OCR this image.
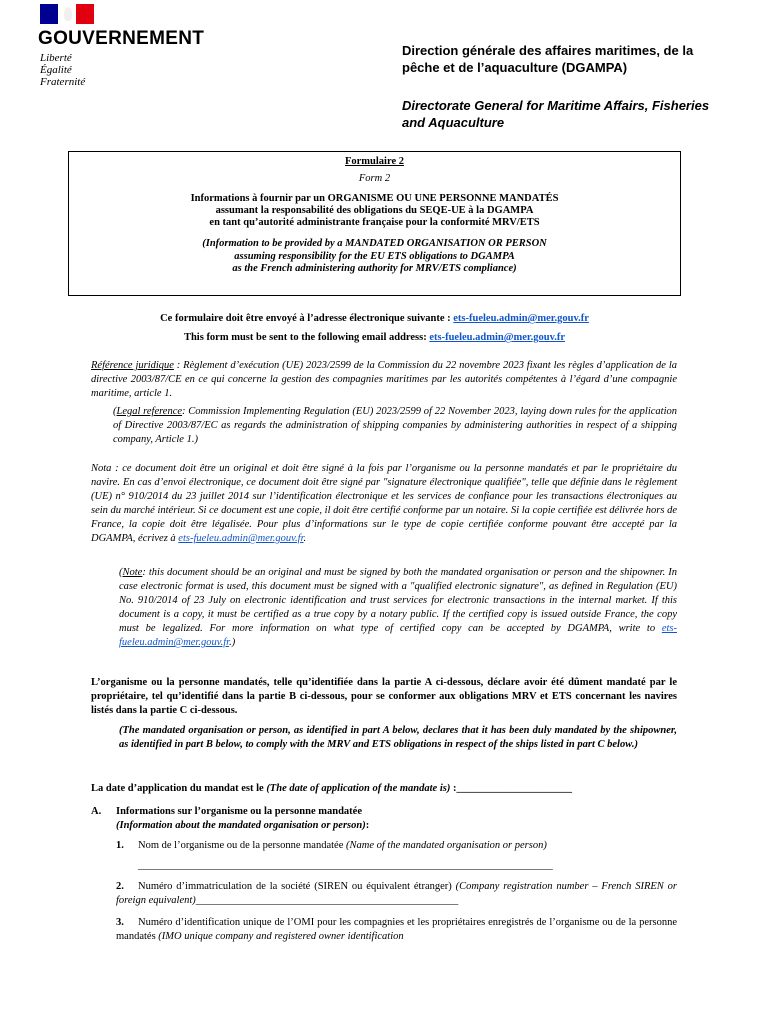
GOUVERNEMENT
Liberté
Égalité
Fraternité
Direction générale des affaires maritimes, de la pêche et de l’aquaculture (DGAMPA)
Directorate General for Maritime Affairs, Fisheries and Aquaculture
Formulaire 2
Form 2
Informations à fournir par un ORGANISME OU UNE PERSONNE MANDATÉS
assumant la responsabilité des obligations du SEQE-UE à la DGAMPA
en tant qu’autorité administrante française pour la conformité MRV/ETS
(Information to be provided by a MANDATED ORGANISATION OR PERSON
assuming responsibility for the EU ETS obligations to DGAMPA
as the French administering authority for MRV/ETS compliance)
Ce formulaire doit être envoyé à l’adresse électronique suivante : ets-fueleu.admin@mer.gouv.fr
This form must be sent to the following email address: ets-fueleu.admin@mer.gouv.fr
Référence juridique : Règlement d’exécution (UE) 2023/2599 de la Commission du 22 novembre 2023 fixant les règles d’application de la directive 2003/87/CE en ce qui concerne la gestion des compagnies maritimes par les autorités compétentes à l’égard d’une compagnie maritime, article 1.
(Legal reference: Commission Implementing Regulation (EU) 2023/2599 of 22 November 2023, laying down rules for the application of Directive 2003/87/EC as regards the administration of shipping companies by administering authorities in respect of a shipping company, Article 1.)
Nota : ce document doit être un original et doit être signé à la fois par l’organisme ou la personne mandatés et par le propriétaire du navire. En cas d’envoi électronique, ce document doit être signé par "signature électronique qualifiée", telle que définie dans le règlement (UE) n° 910/2014 du 23 juillet 2014 sur l’identification électronique et les services de confiance pour les transactions électroniques au sein du marché intérieur. Si ce document est une copie, il doit être certifié conforme par un notaire. Si la copie certifiée est délivrée hors de France, la copie doit être légalisée. Pour plus d’informations sur le type de copie certifiée conforme pouvant être accepté par la DGAMPA, écrivez à ets-fueleu.admin@mer.gouv.fr.
(Note: this document should be an original and must be signed by both the mandated organisation or person and the shipowner. In case electronic format is used, this document must be signed with a "qualified electronic signature", as defined in Regulation (EU) No. 910/2014 of 23 July on electronic identification and trust services for electronic transactions in the internal market. If this document is a copy, it must be certified as a true copy by a notary public. If the certified copy is issued outside France, the copy must be legalized. For more information on what type of certified copy can be accepted by DGAMPA, write to ets-fueleu.admin@mer.gouv.fr.)
L’organisme ou la personne mandatés, telle qu’identifiée dans la partie A ci-dessous, déclare avoir été dûment mandaté par le propriétaire, tel qu’identifié dans la partie B ci-dessous, pour se conformer aux obligations MRV et ETS concernant les navires listés dans la partie C ci-dessous.
(The mandated organisation or person, as identified in part A below, declares that it has been duly mandated by the shipowner, as identified in part B below, to comply with the MRV and ETS obligations in respect of the ships listed in part C below.)
La date d’application du mandat est le (The date of application of the mandate is) :______________________
A. Informations sur l’organisme ou la personne mandatée
(Information about the mandated organisation or person):
1. Nom de l’organisme ou de la personne mandatée (Name of the mandated organisation or person)
_______________________________________________________________________________
2. Numéro d’immatriculation de la société (SIREN ou équivalent étranger) (Company registration number – French SIREN or foreign equivalent)__________________________________________________
3. Numéro d’identification unique de l’OMI pour les compagnies et les propriétaires enregistrés de l’organisme ou de la personne mandatés (IMO unique company and registered owner identification
